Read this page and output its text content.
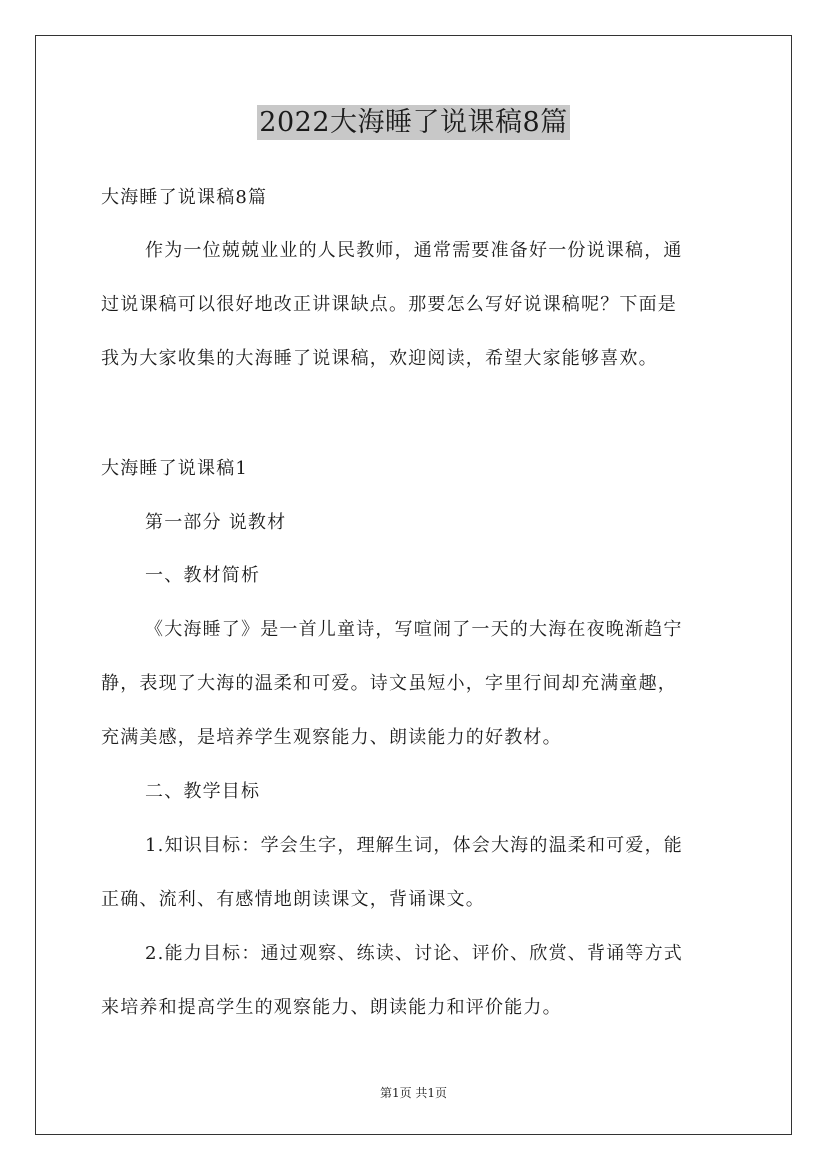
2022大海睡了说课稿8篇
大海睡了说课稿8篇
作为一位兢兢业业的人民教师，通常需要准备好一份说课稿，通
过说课稿可以很好地改正讲课缺点。那要怎么写好说课稿呢？下面是
我为大家收集的大海睡了说课稿，欢迎阅读，希望大家能够喜欢。
大海睡了说课稿1
第一部分 说教材
一、教材简析
《大海睡了》是一首儿童诗，写喧闹了一天的大海在夜晚渐趋宁
静，表现了大海的温柔和可爱。诗文虽短小，字里行间却充满童趣，
充满美感，是培养学生观察能力、朗读能力的好教材。
二、教学目标
1.知识目标：学会生字，理解生词，体会大海的温柔和可爱，能
正确、流利、有感情地朗读课文，背诵课文。
2.能力目标：通过观察、练读、讨论、评价、欣赏、背诵等方式
来培养和提高学生的观察能力、朗读能力和评价能力。
第1页 共1页
